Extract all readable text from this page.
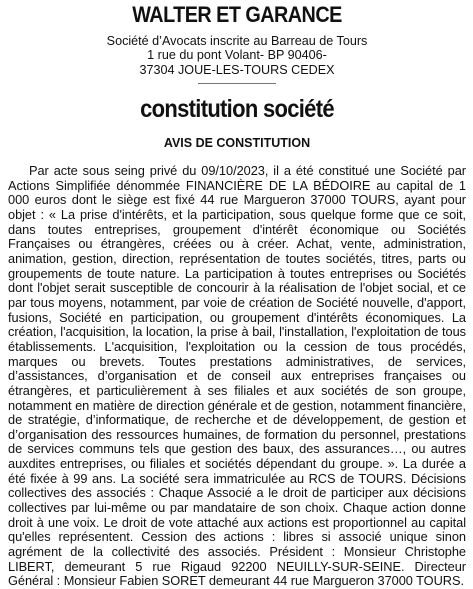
WALTER ET GARANCE
Société d’Avocats inscrite au Barreau de Tours
1 rue du pont Volant- BP 90406-
37304 JOUE-LES-TOURS CEDEX
constitution société
AVIS DE CONSTITUTION

Par acte sous seing privé du 09/10/2023, il a été constitué une Société par Actions Simplifiée dénommée FINANCIÈRE DE LA BÉDOIRE au capital de 1 000 euros dont le siège est fixé 44 rue Margueron 37000 TOURS, ayant pour objet : « La prise d'intérêts, et la participation, sous quelque forme que ce soit, dans toutes entreprises, groupement d'intérêt économique ou Sociétés Françaises ou étrangères, créées ou à créer. Achat, vente, administration, animation, gestion, direction, représentation de toutes sociétés, titres, parts ou groupements de toute nature. La participation à toutes entreprises ou Sociétés dont l'objet serait susceptible de concourir à la réalisation de l'objet social, et ce par tous moyens, notamment, par voie de création de Société nouvelle, d'apport, fusions, Société en participation, ou groupement d'intérêts économiques. La création, l'acquisition, la location, la prise à bail, l'installation, l'exploitation de tous établissements. L'acquisition, l'exploitation ou la cession de tous procédés, marques ou brevets. Toutes prestations administratives, de services, d’assistances, d’organisation et de conseil aux entreprises françaises ou étrangères, et particulièrement à ses filiales et aux sociétés de son groupe, notamment en matière de direction générale et de gestion, notamment financière, de stratégie, d’informatique, de recherche et de développement, de gestion et d’organisation des ressources humaines, de formation du personnel, prestations de services communs tels que gestion des baux, des assurances…, ou autres auxdites entreprises, ou filiales et sociétés dépendant du groupe. ». La durée a été fixée à 99 ans. La société sera immatriculée au RCS de TOURS. Décisions collectives des associés : Chaque Associé a le droit de participer aux décisions collectives par lui-même ou par mandataire de son choix. Chaque action donne droit à une voix. Le droit de vote attaché aux actions est proportionnel au capital qu'elles représentent. Cession des actions : libres si associé unique sinon agrément de la collectivité des associés. Président : Monsieur Christophe LIBERT, demeurant 5 rue Rigaud 92200 NEUILLY-SUR-SEINE. Directeur Général : Monsieur Fabien SORET demeurant 44 rue Margueron 37000 TOURS.
